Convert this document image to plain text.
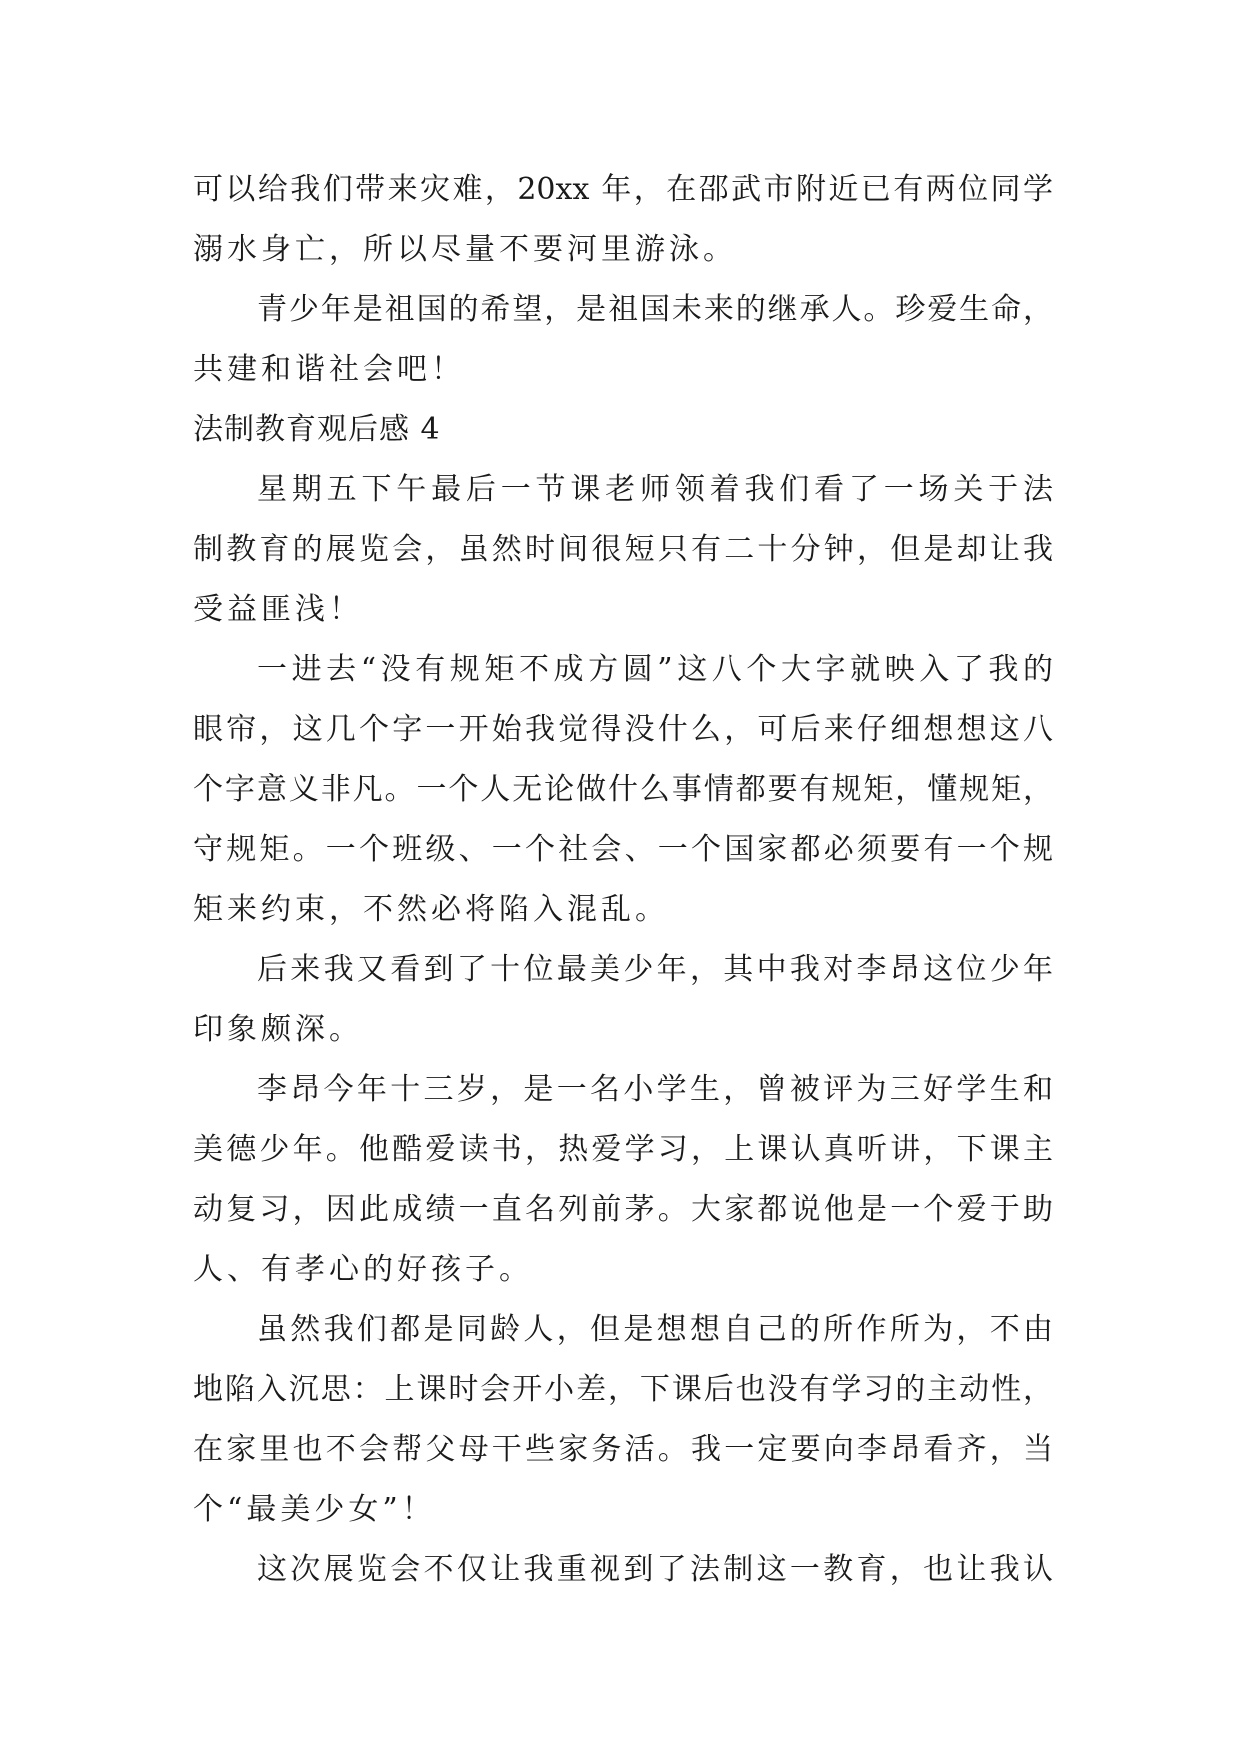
可以给我们带来灾难，20xx 年，在邵武市附近已有两位同学
溺水身亡，所以尽量不要河里游泳。
青少年是祖国的希望，是祖国未来的继承人。珍爱生命，
共建和谐社会吧！
法制教育观后感 4
星期五下午最后一节课老师领着我们看了一场关于法
制教育的展览会，虽然时间很短只有二十分钟，但是却让我
受益匪浅！
一进去“没有规矩不成方圆”这八个大字就映入了我的
眼帘，这几个字一开始我觉得没什么，可后来仔细想想这八
个字意义非凡。一个人无论做什么事情都要有规矩，懂规矩，
守规矩。一个班级、一个社会、一个国家都必须要有一个规
矩来约束，不然必将陷入混乱。
后来我又看到了十位最美少年，其中我对李昂这位少年
印象颇深。
李昂今年十三岁，是一名小学生，曾被评为三好学生和
美德少年。他酷爱读书，热爱学习，上课认真听讲，下课主
动复习，因此成绩一直名列前茅。大家都说他是一个爱于助
人、有孝心的好孩子。
虽然我们都是同龄人，但是想想自己的所作所为，不由
地陷入沉思：上课时会开小差，下课后也没有学习的主动性，
在家里也不会帮父母干些家务活。我一定要向李昂看齐，当
个“最美少女”！
这次展览会不仅让我重视到了法制这一教育，也让我认
